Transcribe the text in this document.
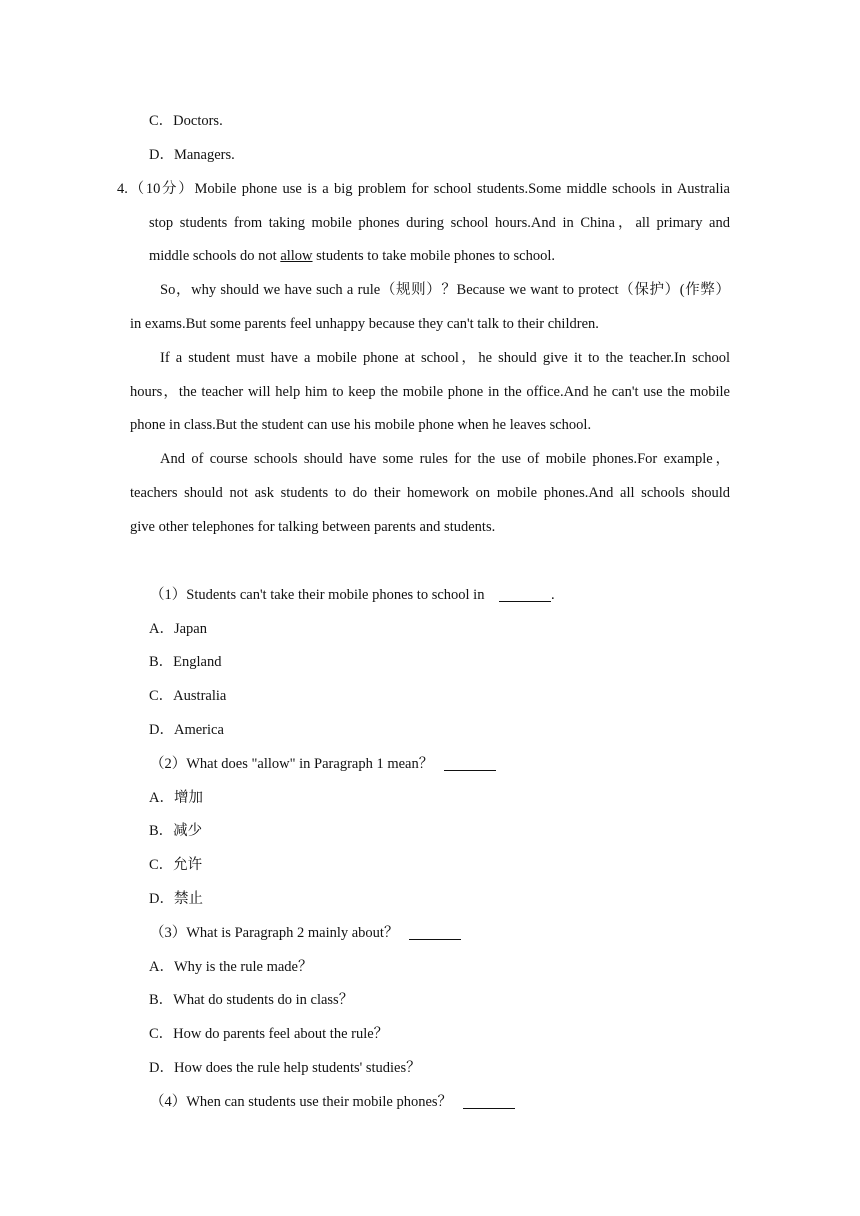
C．Doctors.
D．Managers.
4.（10分）Mobile phone use is a big problem for school students.Some middle schools in Australia
stop students from taking mobile phones during school hours.And in China，all primary and
middle schools do not allow students to take mobile phones to school.
So，why should we have such a rule（规则）？Because we want to protect（保护）(作弊）
in exams.But some parents feel unhappy because they can't talk to their children.
If a student must have a mobile phone at school，he should give it to the teacher.In school
hours，the teacher will help him to keep the mobile phone in the office.And he can't use the mobile
phone in class.But the student can use his mobile phone when he leaves school.
And of course schools should have some rules for the use of mobile phones.For example，
teachers should not ask students to do their homework on mobile phones.And all schools should
give other telephones for talking between parents and students.
（1）Students can't take their mobile phones to school in	.
A．Japan
B．England
C．Australia
D．America
（2）What does "allow" in Paragraph 1 mean？
A．增加
B．减少
C．允许
D．禁止
（3）What is Paragraph 2 mainly about？
A．Why is the rule made？
B．What do students do in class？
C．How do parents feel about the rule？
D．How does the rule help students' studies？
（4）When can students use their mobile phones？
